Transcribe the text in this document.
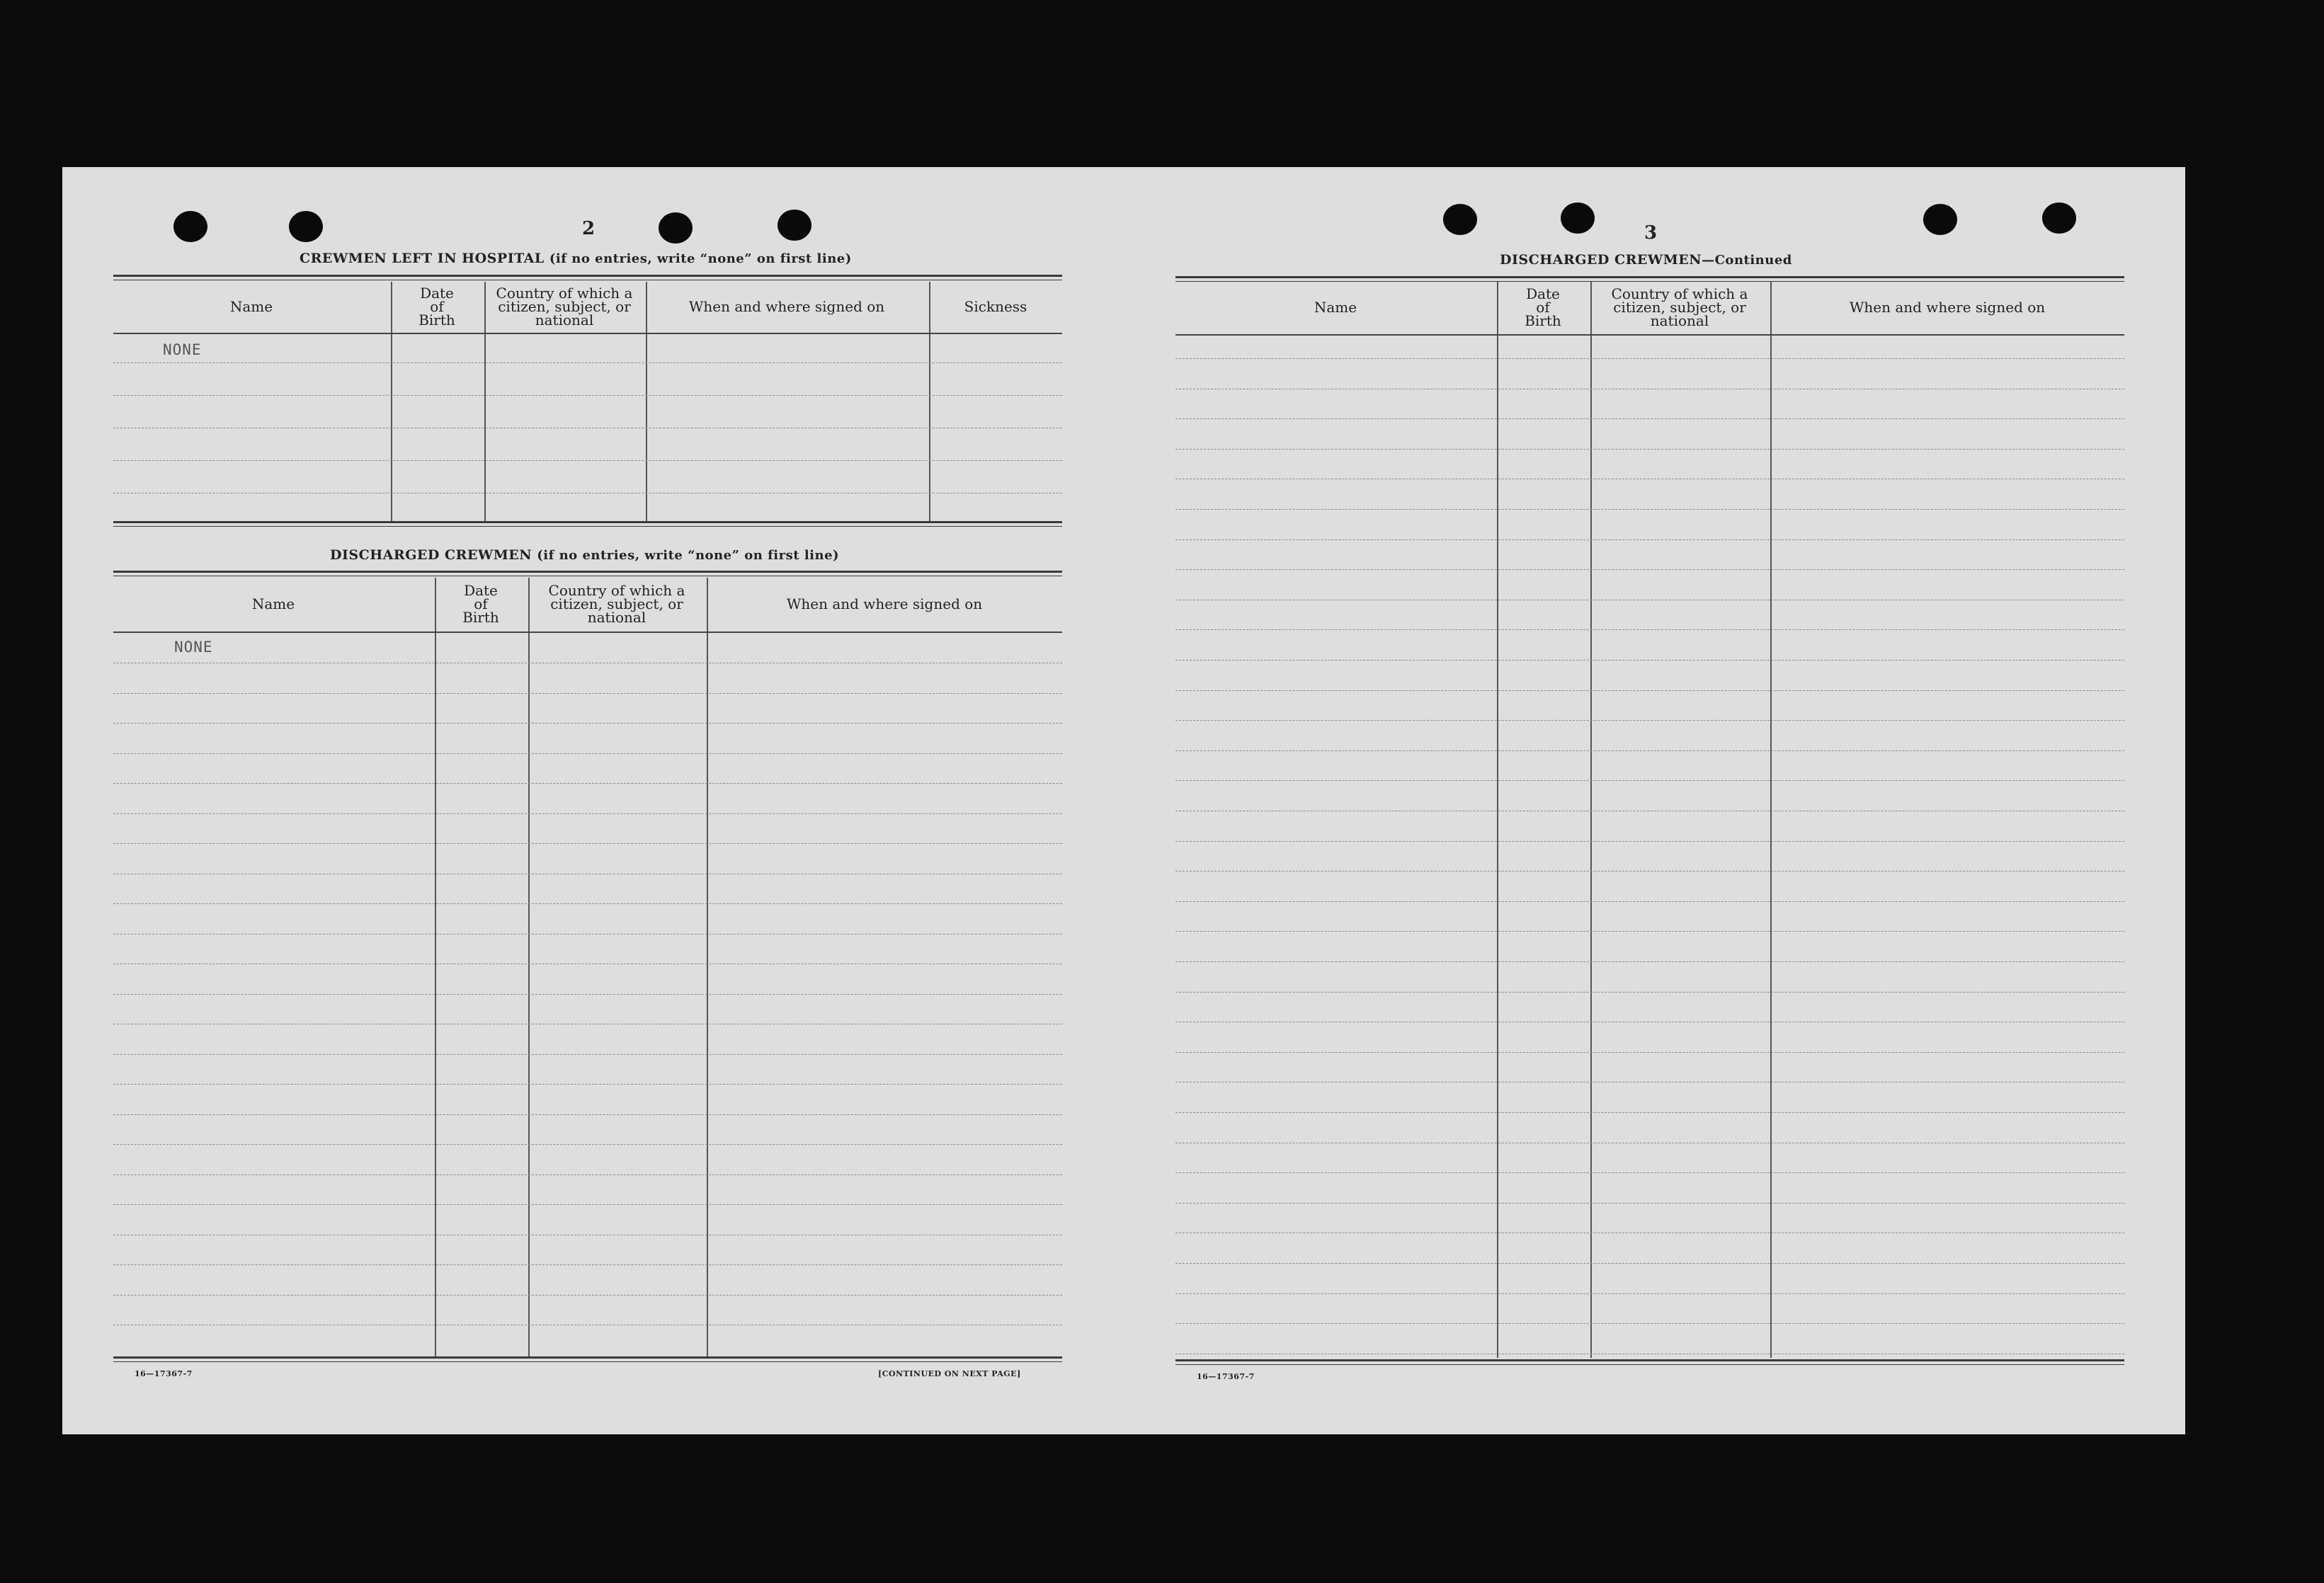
2
CREWMEN LEFT IN HOSPITAL (if no entries, write “none” on first line)
Name
Date
of
Birth
Country of which a
citizen, subject, or
national
When and where signed on	Sickness
NONE
DISCHARGED CREWMEN (if no entries, write “none” on first line)
Name
Date
of
Birth
Country of which a
citizen, subject, or
national
When and where signed on
NONE
16—17367-7	[CONTINUED ON NEXT PAGE]
3
DISCHARGED CREWMEN—Continued
Name
Date
of
Birth
Country of which a
citizen, subject, or
national
When and where signed on
16—17367-7
